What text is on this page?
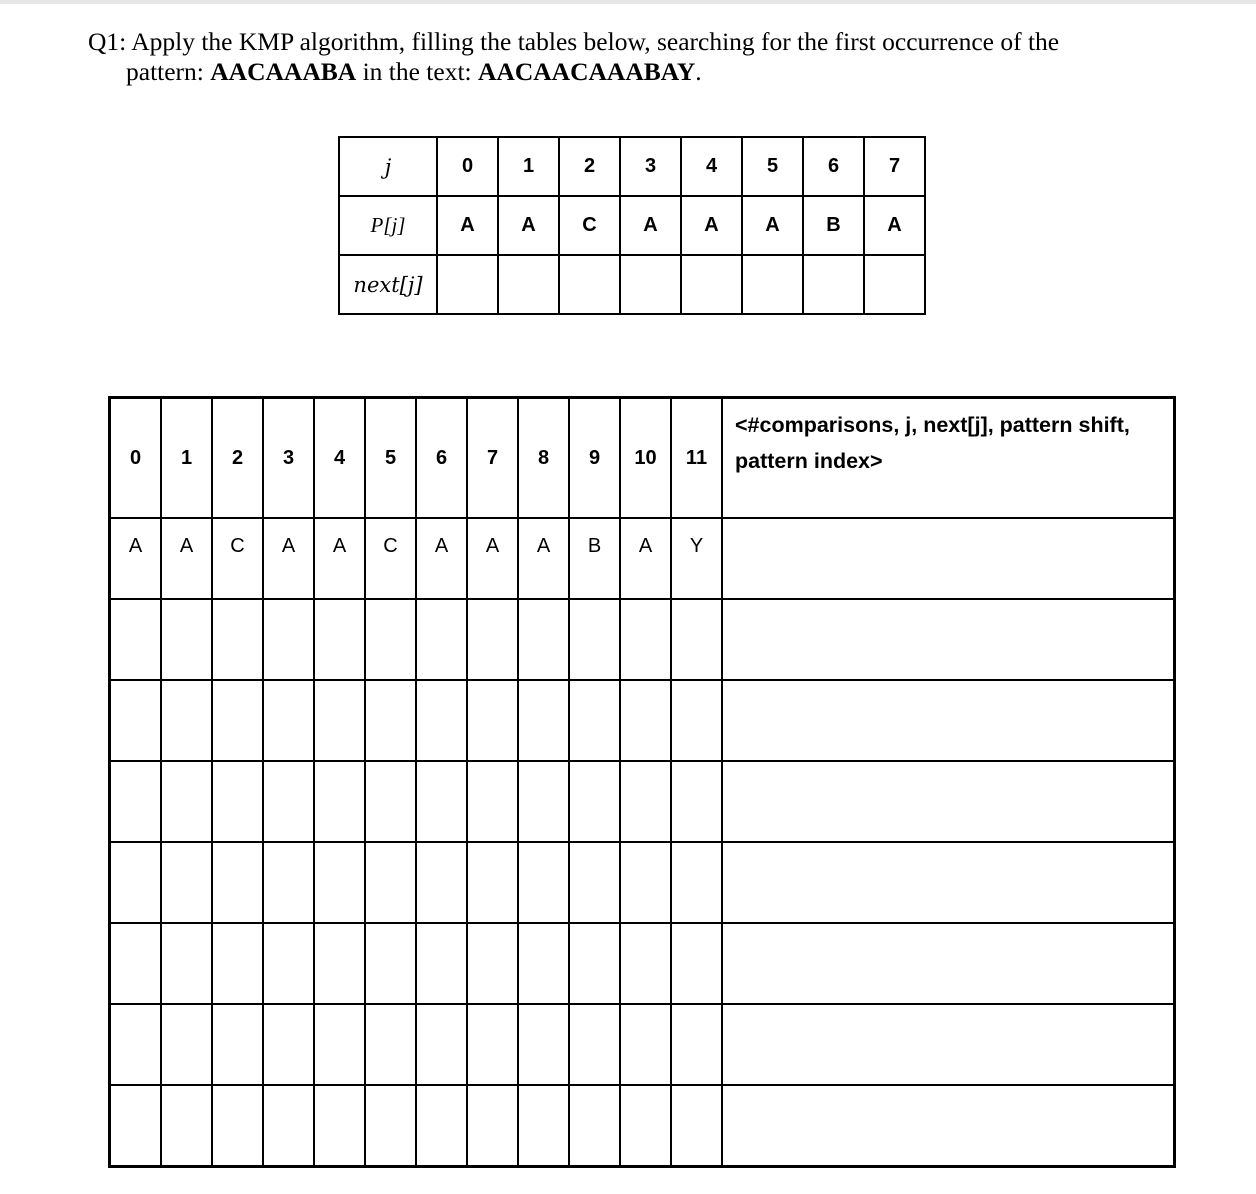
Q1: Apply the KMP algorithm, filling the tables below, searching for the first occurrence of the
pattern: AACAAABA in the text: AACAACAAABAY.

j	0	1	2	3	4	5	6	7
P[j]	A	A	C	A	A	A	B	A
next[j]								
0	1	2	3	4	5	6	7	8	9	10	11	<#comparisons, j, next[j], pattern shift, pattern index>
A	A	C	A	A	C	A	A	A	B	A	Y	
